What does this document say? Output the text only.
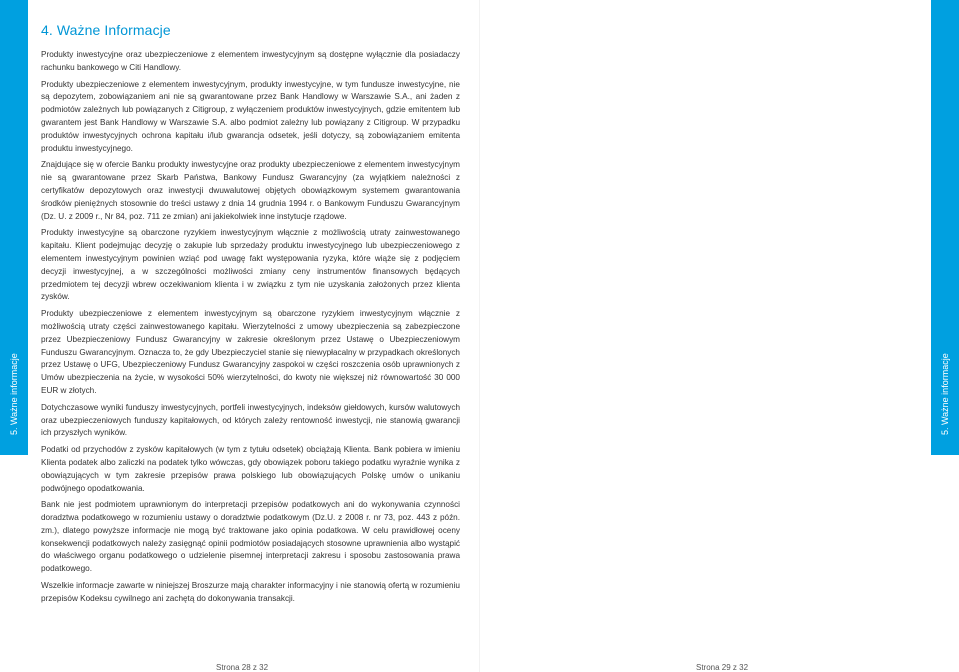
5. Ważne informacje
4. Ważne Informacje

Produkty inwestycyjne oraz ubezpieczeniowe z elementem inwestycyjnym są dostępne wyłącznie dla posiadaczy rachunku bankowego w Citi Handlowy.

Produkty ubezpieczeniowe z elementem inwestycyjnym, produkty inwestycyjne, w tym fundusze inwestycyjne, nie są depozytem, zobowiązaniem ani nie są gwarantowane przez Bank Handlowy w Warszawie S.A., ani żaden z podmiotów zależnych lub powiązanych z Citigroup, z wyłączeniem produktów inwestycyjnych, gdzie emitentem lub gwarantem jest Bank Handlowy w Warszawie S.A. albo podmiot zależny lub powiązany z Citigroup. W przypadku produktów inwestycyjnych ochrona kapitału i/lub gwarancja odsetek, jeśli dotyczy, są zobowiązaniem emitenta produktu inwestycyjnego.

Znajdujące się w ofercie Banku produkty inwestycyjne oraz produkty ubezpieczeniowe z elementem inwestycyjnym nie są gwarantowane przez Skarb Państwa, Bankowy Fundusz Gwarancyjny (za wyjątkiem należności z certyfikatów depozytowych oraz inwestycji dwuwalutowej objętych obowiązkowym systemem gwarantowania środków pieniężnych stosownie do treści ustawy z dnia 14 grudnia 1994 r. o Bankowym Funduszu Gwarancyjnym (Dz. U. z 2009 r., Nr 84, poz. 711 ze zmian) ani jakiekolwiek inne instytucje rządowe.

Produkty inwestycyjne są obarczone ryzykiem inwestycyjnym włącznie z możliwością utraty zainwestowanego kapitału. Klient podejmując decyzję o zakupie lub sprzedaży produktu inwestycyjnego lub ubezpieczeniowego z elementem inwestycyjnym powinien wziąć pod uwagę fakt występowania ryzyka, które wiąże się z podjęciem decyzji inwestycyjnej, a w szczególności możliwości zmiany ceny instrumentów finansowych będących przedmiotem tej decyzji wbrew oczekiwaniom klienta i w związku z tym nie uzyskania założonych przez klienta zysków.

Produkty ubezpieczeniowe z elementem inwestycyjnym są obarczone ryzykiem inwestycyjnym włącznie z możliwością utraty części zainwestowanego kapitału. Wierzytelności z umowy ubezpieczenia są zabezpieczone przez Ubezpieczeniowy Fundusz Gwarancyjny w zakresie określonym przez Ustawę o Ubezpieczeniowym Funduszu Gwarancyjnym. Oznacza to, że gdy Ubezpieczyciel stanie się niewypłacalny w przypadkach określonych przez Ustawę o UFG, Ubezpieczeniowy Fundusz Gwarancyjny zaspokoi w części roszczenia osób uprawnionych z Umów ubezpieczenia na życie, w wysokości 50% wierzytelności, do kwoty nie większej niż równowartość 30 000 EUR w złotych.

Dotychczasowe wyniki funduszy inwestycyjnych, portfeli inwestycyjnych, indeksów giełdowych, kursów walutowych oraz ubezpieczeniowych funduszy kapitałowych, od których zależy rentowność inwestycji, nie stanowią gwarancji ich przyszłych wyników.

Podatki od przychodów z zysków kapitałowych (w tym z tytułu odsetek) obciążają Klienta. Bank pobiera w imieniu Klienta podatek albo zaliczki na podatek tylko wówczas, gdy obowiązek poboru takiego podatku wyraźnie wynika z obowiązujących w tym zakresie przepisów prawa polskiego lub obowiązujących Polskę umów o unikaniu podwójnego opodatkowania.

Bank nie jest podmiotem uprawnionym do interpretacji przepisów podatkowych ani do wykonywania czynności doradztwa podatkowego w rozumieniu ustawy o doradztwie podatkowym (Dz.U. z 2008 r. nr 73, poz. 443 z późn. zm.), dlatego powyższe informacje nie mogą być traktowane jako opinia podatkowa. W celu prawidłowej oceny konsekwencji podatkowych należy zasięgnąć opinii podmiotów posiadających stosowne uprawnienia albo wystąpić do właściwego organu podatkowego o udzielenie pisemnej interpretacji zakresu i sposobu zastosowania prawa podatkowego.

Wszelkie informacje zawarte w niniejszej Broszurze mają charakter informacyjny i nie stanowią ofertą w rozumieniu przepisów Kodeksu cywilnego ani zachętą do dokonywania transakcji.

Strona 28 z 32
5. Ważne informacje
Strona 29 z 32
